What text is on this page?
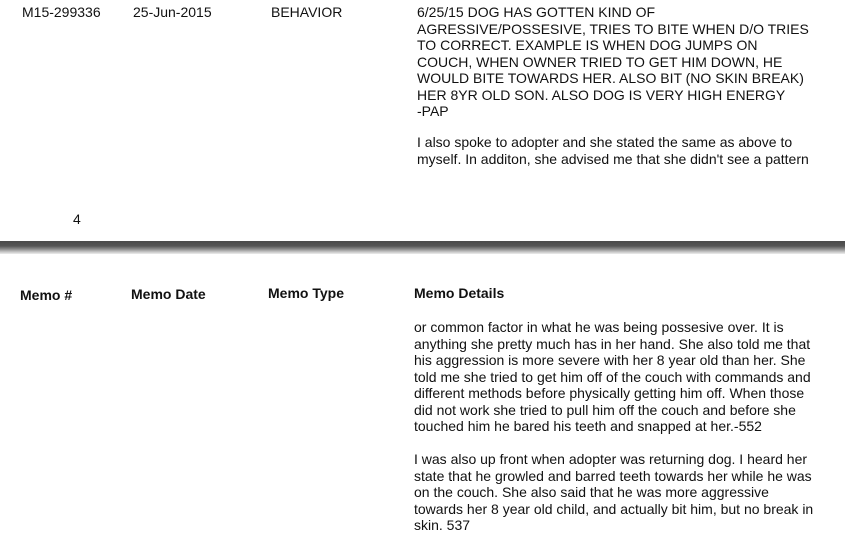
M15-299336 25-Jun-2015	BEHAVIOR	6/25/15 DOG HAS GOTTEN KIND OF
AGRESSIVE/POSSESIVE, TRIES TO BITE WHEN D/O TRIES
TO CORRECT. EXAMPLE IS WHEN DOG JUMPS ON
COUCH, WHEN OWNER TRIED TO GET HIM DOWN, HE
WOULD BITE TOWARDS HER. ALSO BIT (NO SKIN BREAK)
HER 8YR OLD SON. ALSO DOG IS VERY HIGH ENERGY
-PAP
I also spoke to adopter and she stated the same as above to
myself. In additon, she advised me that she didn't see a pattern
4
Memo #	Memo Date	Memo Type	Memo Details
or common factor in what he was being possesive over. It is
anything she pretty much has in her hand. She also told me that
his aggression is more severe with her 8 year old than her. She
told me she tried to get him off of the couch with commands and
different methods before physically getting him off. When those
did not work she tried to pull him off the couch and before she
touched him he bared his teeth and snapped at her.-552
I was also up front when adopter was returning dog. I heard her
state that he growled and barred teeth towards her while he was
on the couch. She also said that he was more aggressive
towards her 8 year old child, and actually bit him, but no break in
skin. 537
